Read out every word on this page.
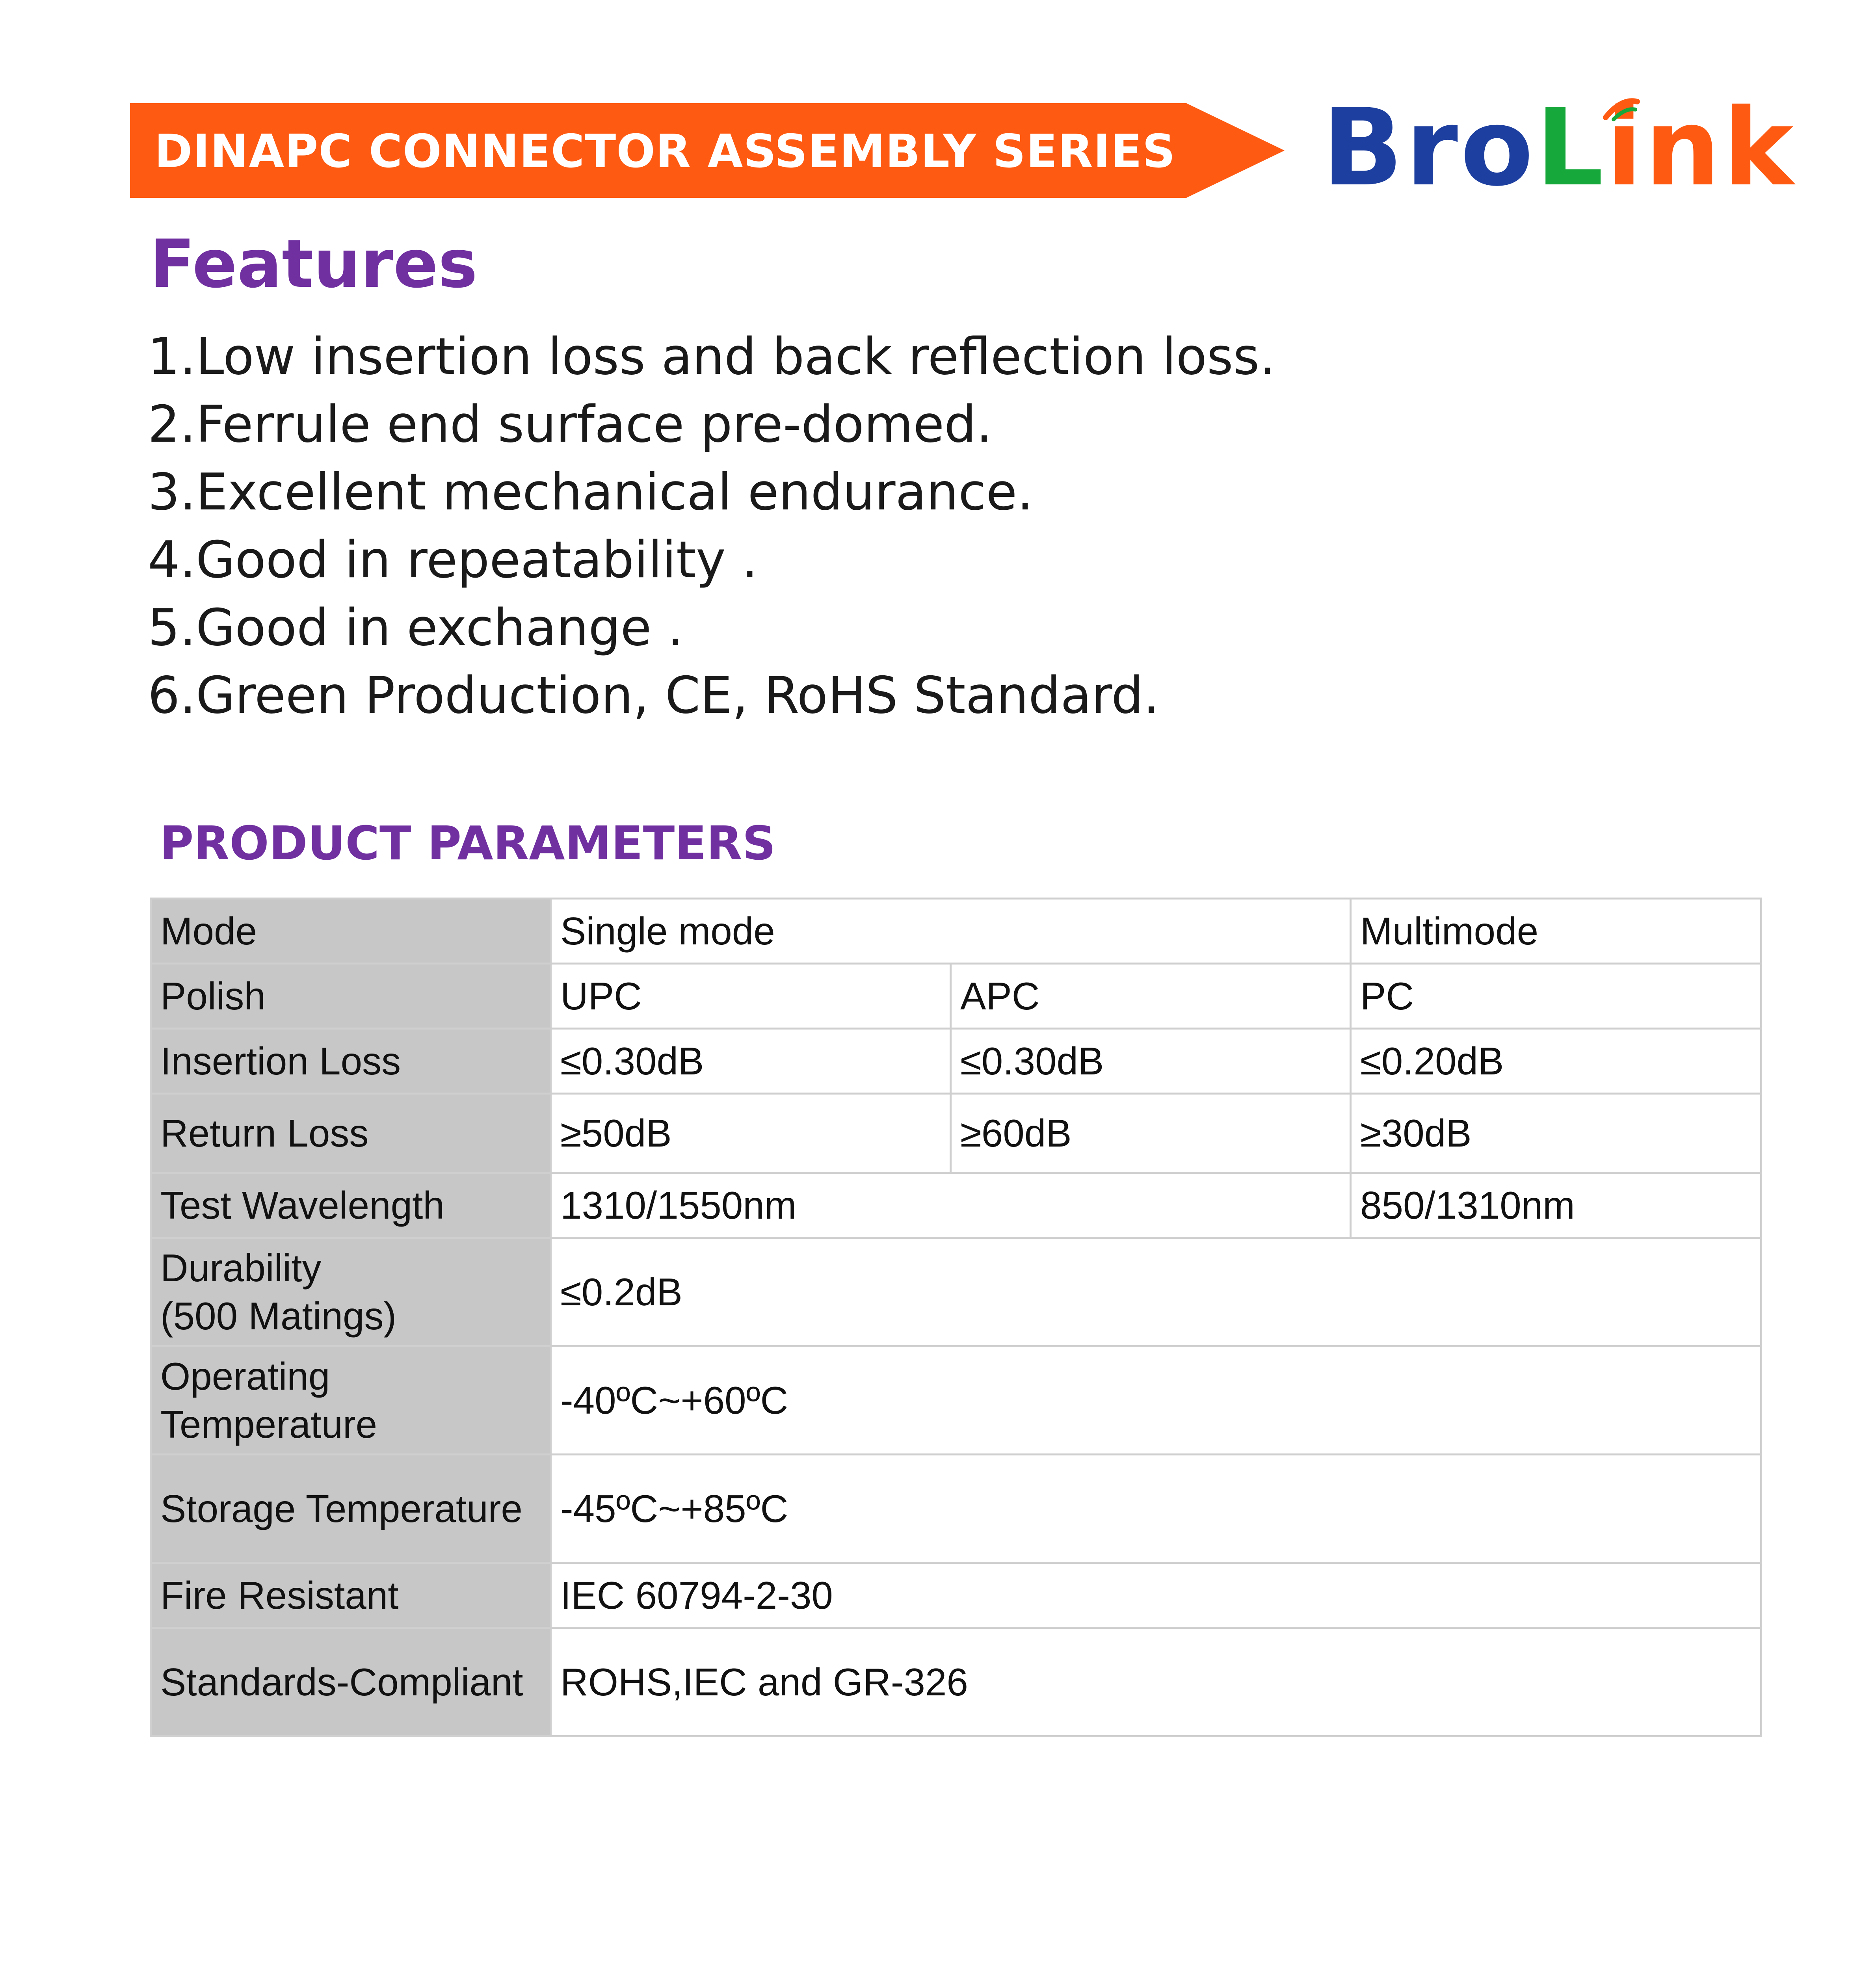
DINAPC CONNECTOR ASSEMBLY SERIES BroLink
Features
1.Low insertion loss and back reflection loss.
2.Ferrule end surface pre-domed.
3.Excellent mechanical endurance.
4.Good in repeatability .
5.Good in exchange .
6.Green Production, CE, RoHS Standard.
PRODUCT PARAMETERS
Mode	Single mode		Multimode
Polish	UPC	APC	PC
Insertion Loss	≤0.30dB	≤0.30dB	≤0.20dB
Return Loss	≥50dB	≥60dB	≥30dB
Test Wavelength	1310/1550nm		850/1310nm
Durability
(500 Matings)	≤0.2dB		
Operating
Temperature	-40ºC~+60ºC		
Storage Temperature	-45ºC~+85ºC		
Fire Resistant	IEC 60794-2-30		
Standards-Compliant	ROHS,IEC and GR-326		
